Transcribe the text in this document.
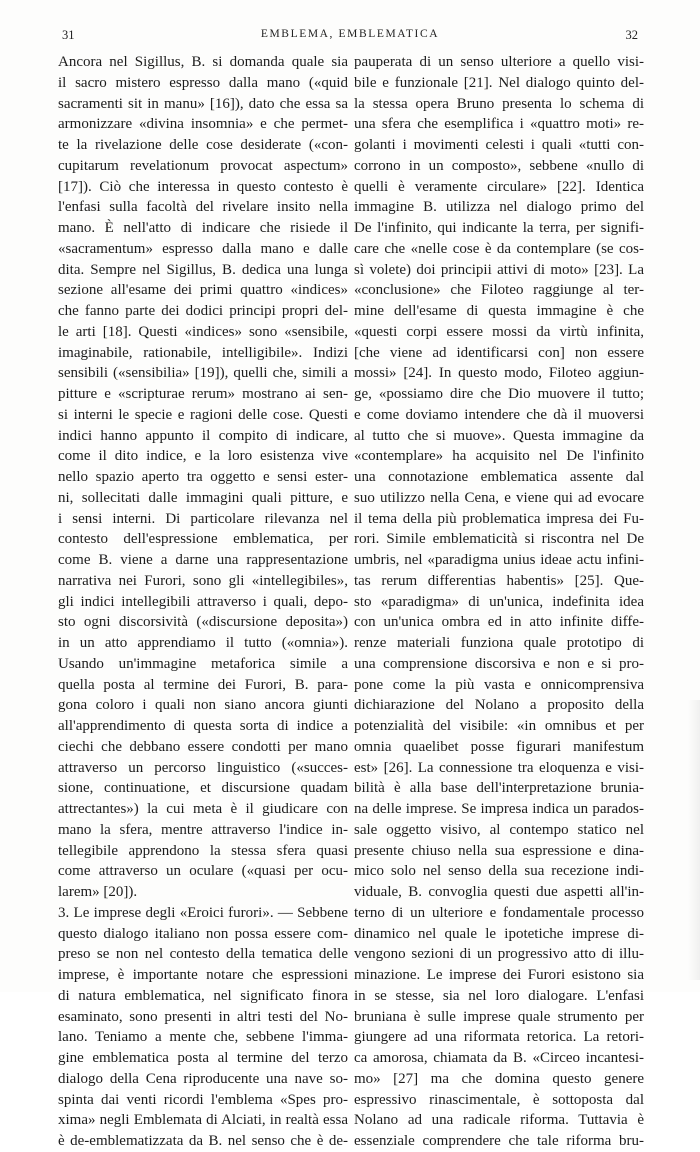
31	EMBLEMA, EMBLEMATICA	32
Ancora nel Sigillus, B. si domanda quale sia
il sacro mistero espresso dalla mano («quid
sacramenti sit in manu» [16]), dato che essa sa
armonizzare «divina insomnia» e che permet-
te la rivelazione delle cose desiderate («con-
cupitarum revelationum provocat aspectum»
[17]). Ciò che interessa in questo contesto è
l'enfasi sulla facoltà del rivelare insito nella
mano. È nell'atto di indicare che risiede il
«sacramentum» espresso dalla mano e dalle
dita. Sempre nel Sigillus, B. dedica una lunga
sezione all'esame dei primi quattro «indices»
che fanno parte dei dodici principi propri del-
le arti [18]. Questi «indices» sono «sensibile,
imaginabile, rationabile, intelligibile». Indizi
sensibili («sensibilia» [19]), quelli che, simili a
pitture e «scripturae rerum» mostrano ai sen-
si interni le specie e ragioni delle cose. Questi
indici hanno appunto il compito di indicare,
come il dito indice, e la loro esistenza vive
nello spazio aperto tra oggetto e sensi ester-
ni, sollecitati dalle immagini quali pitture, e
i sensi interni. Di particolare rilevanza nel
contesto dell'espressione emblematica, per
come B. viene a darne una rappresentazione
narrativa nei Furori, sono gli «intellegibiles»,
gli indici intellegibili attraverso i quali, depo-
sto ogni discorsività («discursione deposita»)
in un atto apprendiamo il tutto («omnia»).
Usando un'immagine metaforica simile a
quella posta al termine dei Furori, B. para-
gona coloro i quali non siano ancora giunti
all'apprendimento di questa sorta di indice a
ciechi che debbano essere condotti per mano
attraverso un percorso linguistico («succes-
sione, continuatione, et discursione quadam
attrectantes») la cui meta è il giudicare con
mano la sfera, mentre attraverso l'indice in-
tellegibile apprendono la stessa sfera quasi
come attraverso un oculare («quasi per ocu-
larem» [20]).
3. Le imprese degli «Eroici furori». — Sebbene
questo dialogo italiano non possa essere com-
preso se non nel contesto della tematica delle
imprese, è importante notare che espressioni
di natura emblematica, nel significato finora
esaminato, sono presenti in altri testi del No-
lano. Teniamo a mente che, sebbene l'imma-
gine emblematica posta al termine del terzo
dialogo della Cena riproducente una nave so-
spinta dai venti ricordi l'emblema «Spes pro-
xima» negli Emblemata di Alciati, in realtà essa
è de-emblematizzata da B. nel senso che è de-
pauperata di un senso ulteriore a quello visi-
bile e funzionale [21]. Nel dialogo quinto del-
la stessa opera Bruno presenta lo schema di
una sfera che esemplifica i «quattro moti» re-
golanti i movimenti celesti i quali «tutti con-
corrono in un composto», sebbene «nullo di
quelli è veramente circulare» [22]. Identica
immagine B. utilizza nel dialogo primo del
De l'infinito, qui indicante la terra, per signifi-
care che «nelle cose è da contemplare (se cos-
sì volete) doi principii attivi di moto» [23]. La
«conclusione» che Filoteo raggiunge al ter-
mine dell'esame di questa immagine è che
«questi corpi essere mossi da virtù infinita,
[che viene ad identificarsi con] non essere
mossi» [24]. In questo modo, Filoteo aggiun-
ge, «possiamo dire che Dio muovere il tutto;
e come doviamo intendere che dà il muoversi
al tutto che si muove». Questa immagine da
«contemplare» ha acquisito nel De l'infinito
una connotazione emblematica assente dal
suo utilizzo nella Cena, e viene qui ad evocare
il tema della più problematica impresa dei Fu-
rori. Simile emblematicità si riscontra nel De
umbris, nel «paradigma unius ideae actu infini-
tas rerum differentias habentis» [25]. Que-
sto «paradigma» di un'unica, indefinita idea
con un'unica ombra ed in atto infinite diffe-
renze materiali funziona quale prototipo di
una comprensione discorsiva e non e si pro-
pone come la più vasta e onnicomprensiva
dichiarazione del Nolano a proposito della
potenzialità del visibile: «in omnibus et per
omnia quaelibet posse figurari manifestum
est» [26]. La connessione tra eloquenza e visi-
bilità è alla base dell'interpretazione bruniа-
na delle imprese. Se impresa indica un parados-
sale oggetto visivo, al contempo statico nel
presente chiuso nella sua espressione e dina-
mico solo nel senso della sua recezione indi-
viduale, B. convoglia questi due aspetti all'in-
terno di un ulteriore e fondamentale processo
dinamico nel quale le ipotetiche imprese di-
vengono sezioni di un progressivo atto di illu-
minazione. Le imprese dei Furori esistono sia
in se stesse, sia nel loro dialogare. L'enfasi
bruniana è sulle imprese quale strumento per
giungere ad una riformata retorica. La retori-
ca amorosa, chiamata da B. «Circeo incantesi-
mo» [27] ma che domina questo genere
espressivo rinascimentale, è sottoposta dal
Nolano ad una radicale riforma. Tuttavia è
essenziale comprendere che tale riforma bru-
